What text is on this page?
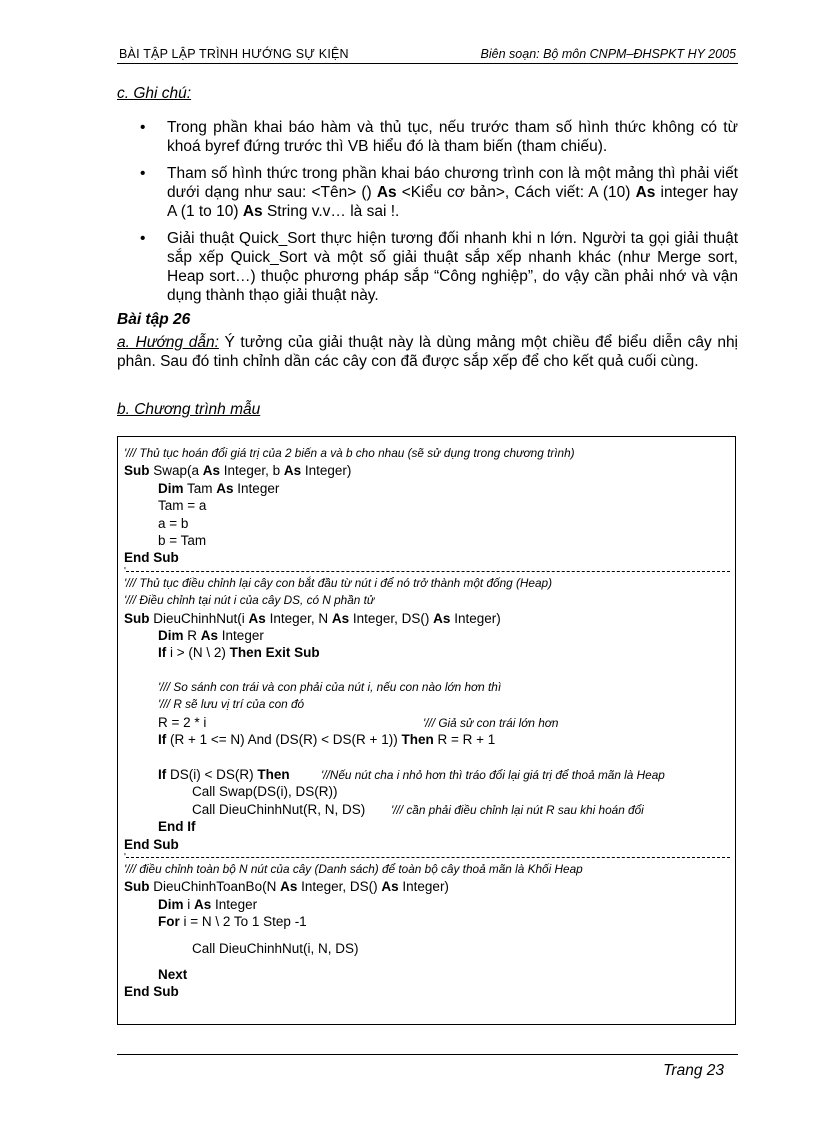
BÀI TẬP LẬP TRÌNH HƯỚNG SỰ KIỆN	Biên soạn: Bộ môn CNPM–ĐHSPKT HY 2005
c. Ghi chú:
• Trong phần khai báo hàm và thủ tục, nếu trước tham số hình thức không có từ khoá byref đứng trước thì VB hiểu đó là tham biến (tham chiếu).
• Tham số hình thức trong phần khai báo chương trình con là một mảng thì phải viết dưới dạng như sau: <Tên> () As <Kiểu cơ bản>, Cách viết: A (10) As integer hay A (1 to 10) As String v.v… là sai !.
• Giải thuật Quick_Sort thực hiện tương đối nhanh khi n lớn. Người ta gọi giải thuật sắp xếp Quick_Sort và một số giải thuật sắp xếp nhanh khác (như Merge sort, Heap sort…) thuộc phương pháp sắp “Công nghiệp”, do vậy cần phải nhớ và vận dụng thành thạo giải thuật này.
Bài tập 26
a. Hướng dẫn: Ý tưởng của giải thuật này là dùng mảng một chiều để biểu diễn cây nhị phân. Sau đó tinh chỉnh dần các cây con đã được sắp xếp để cho kết quả cuối cùng.
b. Chương trình mẫu
'/// Thủ tục hoán đổi giá trị của 2 biến a và b cho nhau (sẽ sử dụng trong chương trình)
Sub Swap(a As Integer, b As Integer)
Dim Tam As Integer
Tam = a
a = b
b = Tam
End Sub
'
'/// Thủ tục điều chỉnh lại cây con bắt đầu từ nút i để nó trở thành một đống (Heap)
'/// Điều chỉnh tại nút i của cây DS, có N phần tử
Sub DieuChinhNut(i As Integer, N As Integer, DS() As Integer)
Dim R As Integer
If i > (N \ 2) Then Exit Sub
'/// So sánh con trái và con phải của nút i, nếu con nào lớn hơn thì
'/// R sẽ lưu vị trí của con đó
R = 2 * i	'/// Giả sử con trái lớn hơn
If (R + 1 <= N) And (DS(R) < DS(R + 1)) Then R = R + 1
If DS(i) < DS(R) Then	'//Nếu nút cha i nhỏ hơn thì tráo đổi lại giá trị để thoả mãn là Heap
Call Swap(DS(i), DS(R))
Call DieuChinhNut(R, N, DS) '/// cần phải điều chỉnh lại nút R sau khi hoán đổi
End If
End Sub
'
'/// điều chỉnh toàn bộ N nút của cây (Danh sách) để toàn bộ cây thoả mãn là Khối Heap
Sub DieuChinhToanBo(N As Integer, DS() As Integer)
Dim i As Integer
For i = N \ 2 To 1 Step -1
Call DieuChinhNut(i, N, DS)
Next
End Sub
Trang 23
